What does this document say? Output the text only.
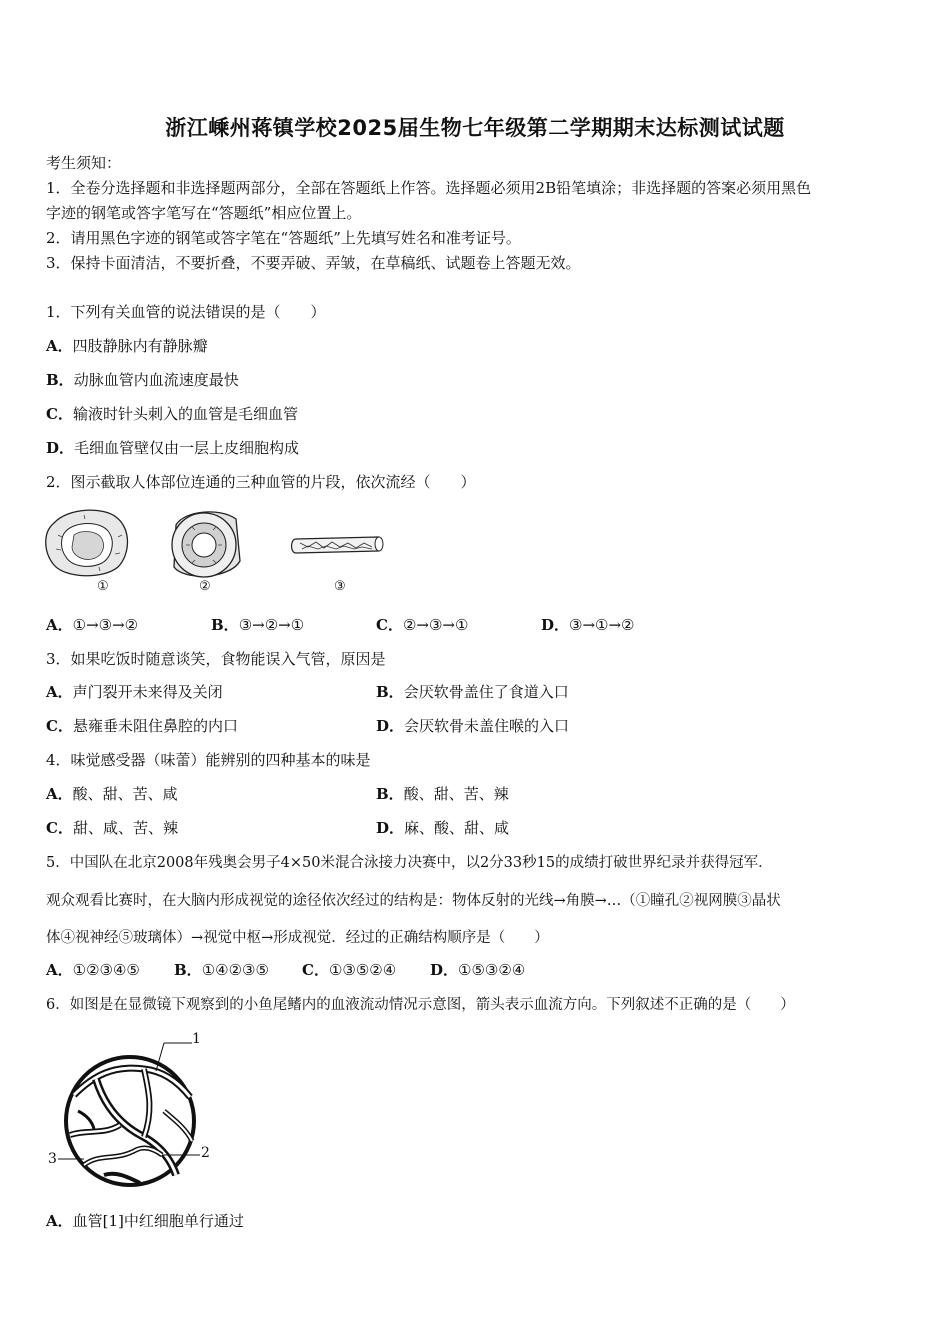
浙江嵊州蒋镇学校2025届生物七年级第二学期期末达标测试试题
考生须知：
1．全卷分选择题和非选择题两部分，全部在答题纸上作答。选择题必须用2B铅笔填涂；非选择题的答案必须用黑色
字迹的钢笔或答字笔写在“答题纸”相应位置上。
2．请用黑色字迹的钢笔或答字笔在“答题纸”上先填写姓名和准考证号。
3．保持卡面清洁，不要折叠，不要弄破、弄皱，在草稿纸、试题卷上答题无效。
1．下列有关血管的说法错误的是（　　）
A．四肢静脉内有静脉瓣
B．动脉血管内血流速度最快
C．输液时针头刺入的血管是毛细血管
D．毛细血管壁仅由一层上皮细胞构成
2．图示截取人体部位连通的三种血管的片段，依次流经（　　）
①	②	③
A．①→③→②	B．③→②→①	C．②→③→①	D．③→①→②
3．如果吃饭时随意谈笑，食物能误入气管，原因是
A．声门裂开未来得及关闭	B．会厌软骨盖住了食道入口
C．悬雍垂未阻住鼻腔的内口	D．会厌软骨未盖住喉的入口
4．味觉感受器（味蕾）能辨别的四种基本的味是
A．酸、甜、苦、咸	B．酸、甜、苦、辣
C．甜、咸、苦、辣	D．麻、酸、甜、咸
5．中国队在北京2008年残奥会男子4×50米混合泳接力决赛中，以2分33秒15的成绩打破世界纪录并获得冠军．
观众观看比赛时，在大脑内形成视觉的途径依次经过的结构是：物体反射的光线→角膜→…（①瞳孔②视网膜③晶状
体④视神经⑤玻璃体）→视觉中枢→形成视觉．经过的正确结构顺序是（　　）
A．①②③④⑤ B．①④②③⑤ C．①③⑤②④ D．①⑤③②④
6．如图是在显微镜下观察到的小鱼尾鳍内的血液流动情况示意图，箭头表示血流方向。下列叙述不正确的是（　　）
1
2
3
A．血管[1]中红细胞单行通过
